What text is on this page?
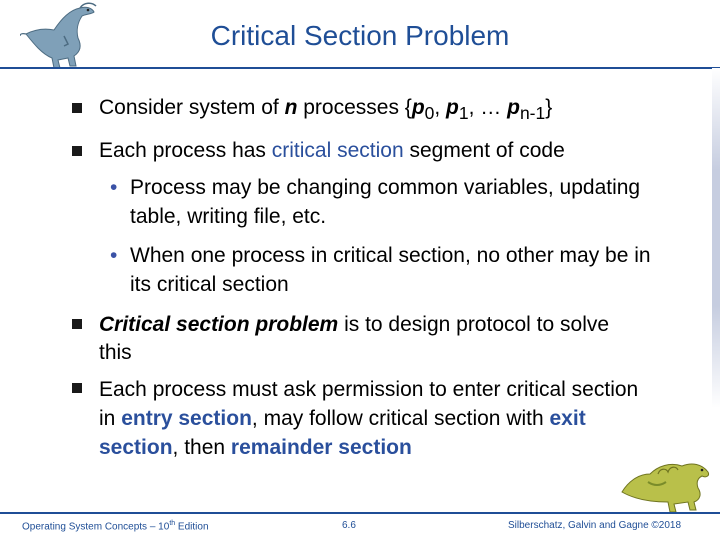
Critical Section Problem
Consider system of n processes {$p_0$, $p_1$, … $p_{n-1}$}
Each process has critical section segment of code
• Process may be changing common variables, updating table, writing file, etc.
• When one process in critical section, no other may be in its critical section
Critical section problem is to design protocol to solve this
Each process must ask permission to enter critical section in entry section, may follow critical section with exit section, then remainder section
Operating System Concepts – 10th Edition	6.6	Silberschatz, Galvin and Gagne ©2018
